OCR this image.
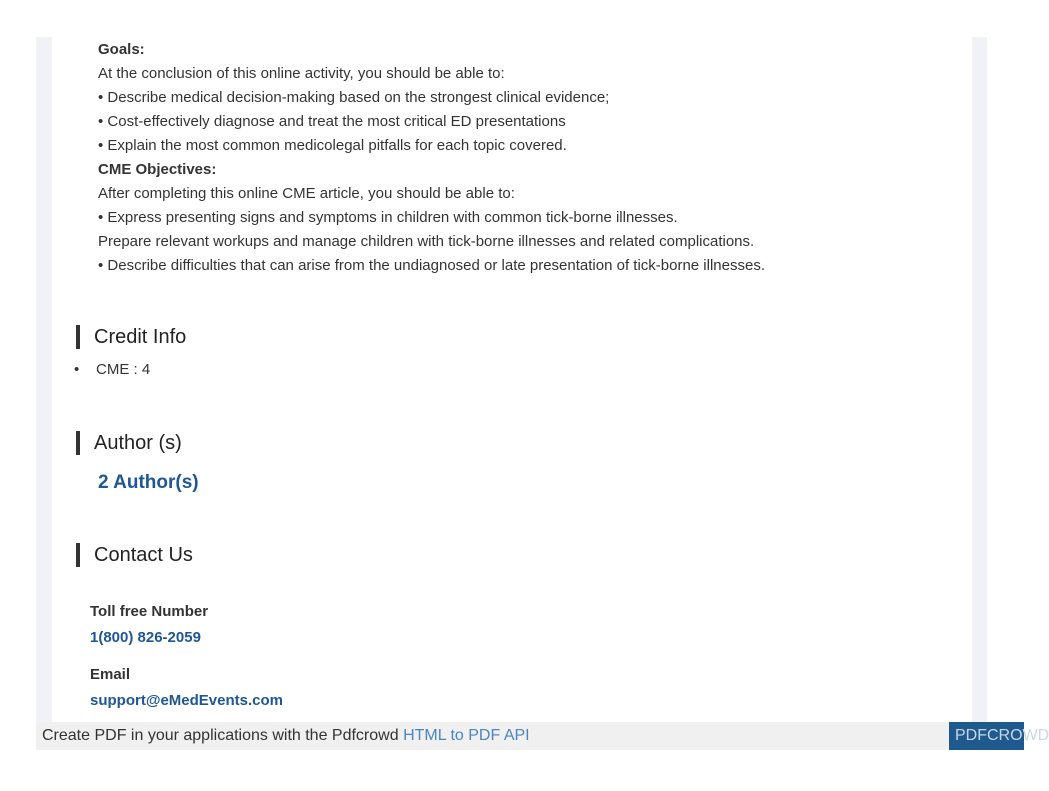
Goals:
At the conclusion of this online activity, you should be able to:
• Describe medical decision-making based on the strongest clinical evidence;
• Cost-effectively diagnose and treat the most critical ED presentations
• Explain the most common medicolegal pitfalls for each topic covered.
CME Objectives:
After completing this online CME article, you should be able to:
• Express presenting signs and symptoms in children with common tick-borne illnesses.
Prepare relevant workups and manage children with tick-borne illnesses and related complications.
• Describe difficulties that can arise from the undiagnosed or late presentation of tick-borne illnesses.
Credit Info
• CME : 4
Author (s)
2 Author(s)
Contact Us
Toll free Number
1(800) 826-2059
Email
support@eMedEvents.com
Create PDF in your applications with the Pdfcrowd HTML to PDF API	PDFCROWD
